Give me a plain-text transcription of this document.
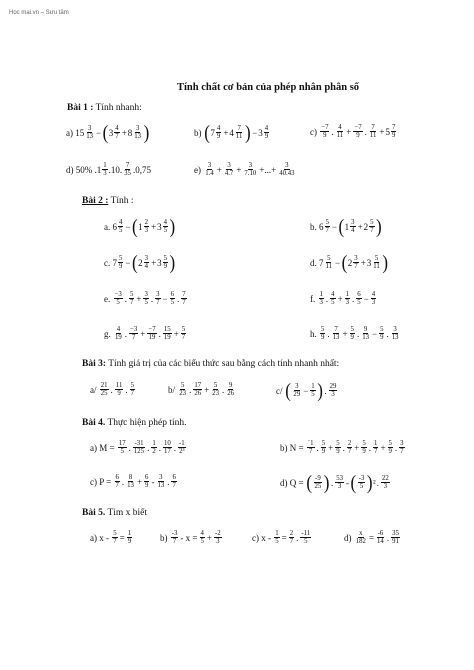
Hoc mai.vn – Sưu tầm
Tính chất cơ bản của phép nhân phân số
Bài 1 : Tính nhanh:
a)
$15 \frac{3}{13}$ − ( $3 \frac{4}{7} + 8 \frac{3}{13}$ )	b)
( $7 \frac{4}{9} + 4 \frac{7}{11}$ ) − $3 \frac{4}{9}$	c)
$\frac{-7}{9}$ . $\frac{4}{11} + \frac{-7}{9}$ . $\frac{7}{11} + 5 \frac{7}{9}$
d)
50% . $1 \frac{1}{3} .10$. $\frac{7}{35} .0,75$	e)
$\frac{3}{1.4} + \frac{3}{4.7} + \frac{3}{7.10}$ +...+ $\frac{3}{40.43}$
Bài 2 : Tính :
a.
$6 \frac{4}{5}$ − ( $1 \frac{2}{3} + 3 \frac{4}{5}$ )	b.
$6 \frac{5}{7}$ − ( $1 \frac{3}{4} + 2 \frac{5}{7}$ )
c.
$7 \frac{5}{9}$ − ( $2 \frac{3}{4} + 3 \frac{5}{9}$ )	d.
$7 \frac{5}{11}$ − ( $2 \frac{3}{7} + 3 \frac{5}{11}$ )
e.
$\frac{-3}{5}$ . $\frac{5}{7} + \frac{3}{5}$ . $\frac{3}{7} - \frac{6}{5}$ . $\frac{7}{7}$	f.
$\frac{1}{3}$ . $\frac{4}{5} + \frac{1}{3}$ . $\frac{6}{5} - \frac{4}{3}$
g.
$\frac{4}{19}$ . $\frac{-3}{7} + \frac{-7}{19}$ . $\frac{15}{19} + \frac{5}{7}$	h.
$\frac{5}{9}$ . $\frac{7}{13} + \frac{5}{9}$ . $\frac{9}{13} - \frac{5}{9}$ . $\frac{3}{13}$
Bài 3: Tính giá trị của các biểu thức sau bằng cách tính nhanh nhất:
a/
$\frac{21}{25}$ . $\frac{11}{9}$ . $\frac{5}{7}$	b/
$\frac{5}{23}$ . $\frac{17}{26} + \frac{5}{23}$ . $\frac{9}{26}$	c/
( $\frac{3}{29} - \frac{1}{5}$ ) . $\frac{29}{3}$
Bài 4. Thực hiện phép tính.
a) M =
$\frac{17}{5}$ . $\frac{-31}{125}$ . $\frac{1}{2}$ . $\frac{10}{17}$ . $\frac{-1}{\text{2³}}$	b) N =
$\frac{`1}{7}$ . $\frac{5}{9} + \frac{5}{9}$ . $\frac{2}{7} + \frac{5}{9}$ . $\frac{1}{7} + \frac{5}{9}$ . $\frac{3}{7}$
c) P =
$\frac{6}{7}$ . $\frac{8}{13} + \frac{6}{9} - \frac{3}{13}$ . $\frac{6}{7}$	d) Q =
( $\frac{-9}{25}$ ) . $\frac{53}{3}$ - ( $\frac{-3}{5}$ ) ² . $\frac{22}{3}$
Bài 5. Tìm x biết
a) x -
$\frac{5}{7} = \frac{1}{9}$	b)
$\frac{-3}{7} - x = \frac{4}{5} + \frac{-2}{3}$	c) x -
$\frac{1}{5} = \frac{2}{7}$ . $\frac{-11}{5}$	d)
$\frac{x}{182} = \frac{-6}{14}$ . $\frac{35}{91}$
